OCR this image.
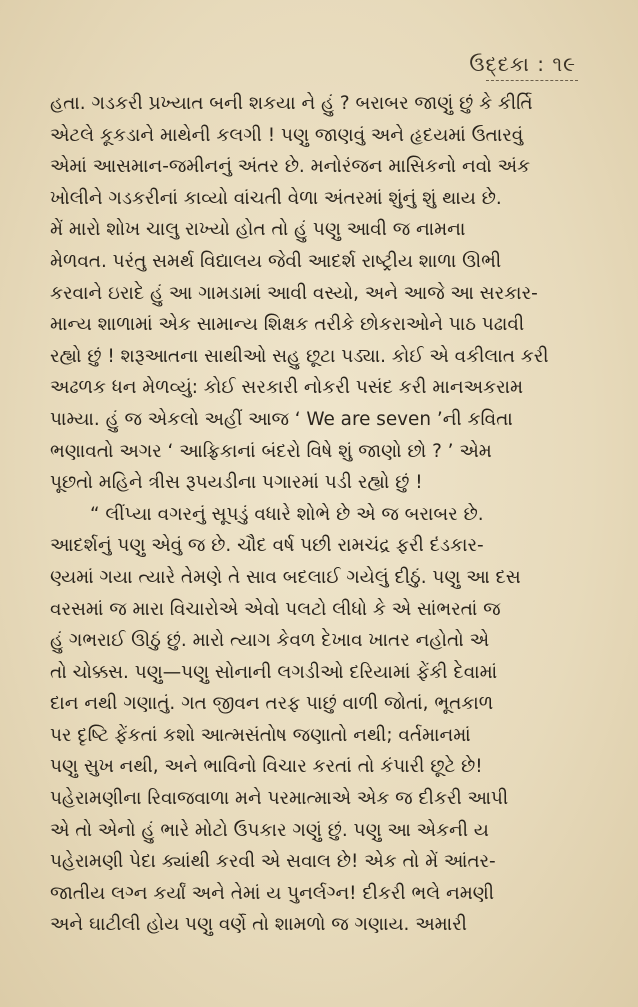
ઉદ્દકા : ૧૯
હતા. ગડકરી પ્રખ્યાત બની શકયા ને હું ? બરાબર જાણું છું કે કીર્તિ
એટલે કૂકડાને માથેની કલગી ! પણુ જાણવું અને હૃદયમાં ઉતારવું
એમાં આસમાન-જમીનનું અંતર છે. મનોરંજન માસિકનો નવો અંક
ખોલીને ગડકરીનાં કાવ્યો વાંચતી વેળા અંતરમાં શુંનું શું થાય છે.
મેં મારો શોખ ચાલુ રાખ્યો હોત તો હું પણુ આવી જ નામના
મેળવત. પરંતુ સમર્થ વિદ્યાલય જેવી આદર્શ રાષ્ટ્રીય શાળા ઊભી
કરવાને ઇરાદે હું આ ગામડામાં આવી વસ્યો, અને આજે આ સરકાર-
માન્ય શાળામાં એક સામાન્ય શિક્ષક તરીકે છોકરાઓને પાઠ પઢાવી
રહ્યો છું ! શરૂઆતના સાથીઓ સહુ છૂટા પડ્યા. કોઈ એ વકીલાત કરી
અઢળક ધન મેળવ્યું: કોઈ સરકારી નોકરી પસંદ કરી માનઅકરામ
પામ્યા. હું જ એકલો અહીં આજ ‘ We are seven ’ની કવિતા
ભણાવતો અગર ‘ આફ્રિકાનાં બંદરો વિષે શું જાણો છો ? ’ એમ
પૂછતો મહિને ત્રીસ રૂપયડીના પગારમાં પડી રહ્યો છું !
“ લીંપ્યા વગરનું સૂપડું વધારે શોભે છે એ જ બરાબર છે.
આદર્શનું પણુ એવું જ છે. ચૌદ વર્ષ પછી રામચંદ્ર ફરી દંડકાર-
ણ્યમાં ગયા ત્યારે તેમણે તે સાવ બદલાઈ ગયેલું દીઠું. પણુ આ દસ
વરસમાં જ મારા વિચારોએ એવો પલટો લીધો કે એ સાંભરતાં જ
હું ગભરાઈ ઊઠું છું. મારો ત્યાગ કેવળ દેખાવ ખાતર નહોતો એ
તો ચોક્કસ. પણુ—પણુ સોનાની લગડીઓ દરિયામાં ફેંકી દેવામાં
દાન નથી ગણાતું. ગત જીવન તરફ પાછું વાળી જોતાં, ભૂતકાળ
પર દૃષ્ટિ ફેંકતાં કશો આત્મસંતોષ જણાતો નથી; વર્તમાનમાં
પણુ સુખ નથી, અને ભાવિનો વિચાર કરતાં તો કંપારી છૂટે છે!
પહેરામણીના રિવાજવાળા મને પરમાત્માએ એક જ દીકરી આપી
એ તો એનો હું ભારે મોટો ઉપકાર ગણું છું. પણુ આ એકની ય
પહેરામણી પેદા ક્યાંથી કરવી એ સવાલ છે! એક તો મેં આંતર-
જાતીય લગ્ન કર્યાં અને તેમાં ય પુનર્લગ્ન! દીકરી ભલે નમણી
અને ઘાટીલી હોય પણુ વર્ણે તો શામળો જ ગણાય. અમારી
